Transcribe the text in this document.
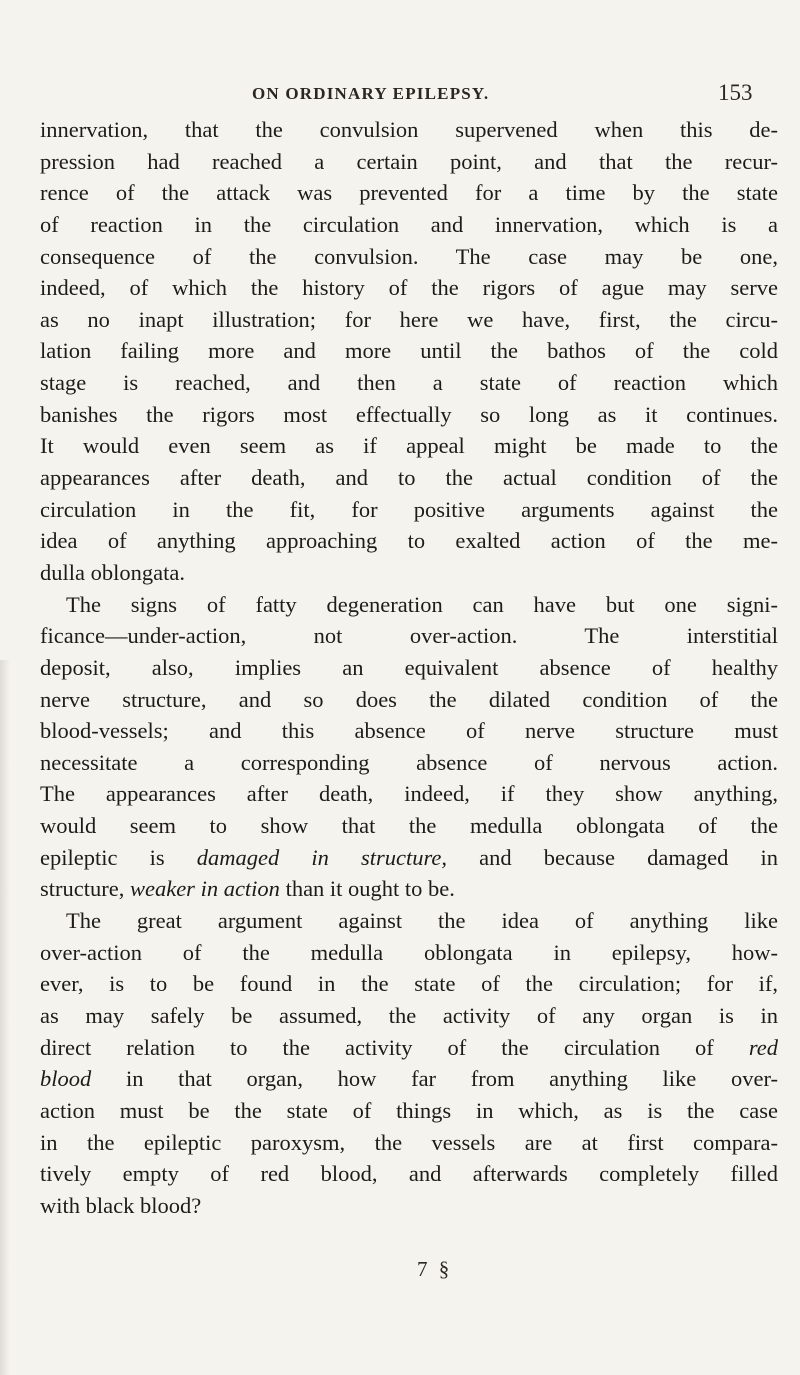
ON ORDINARY EPILEPSY.	153
innervation, that the convulsion supervened when this de-
pression had reached a certain point, and that the recur-
rence of the attack was prevented for a time by the state
of reaction in the circulation and innervation, which is a
consequence of the convulsion. The case may be one,
indeed, of which the history of the rigors of ague may serve
as no inapt illustration; for here we have, first, the circu-
lation failing more and more until the bathos of the cold
stage is reached, and then a state of reaction which
banishes the rigors most effectually so long as it continues.
It would even seem as if appeal might be made to the
appearances after death, and to the actual condition of the
circulation in the fit, for positive arguments against the
idea of anything approaching to exalted action of the me-
dulla oblongata.
The signs of fatty degeneration can have but one signi-
ficance—under-action, not over-action. The interstitial
deposit, also, implies an equivalent absence of healthy
nerve structure, and so does the dilated condition of the
blood-vessels; and this absence of nerve structure must
necessitate a corresponding absence of nervous action.
The appearances after death, indeed, if they show anything,
would seem to show that the medulla oblongata of the
epileptic is damaged in structure, and because damaged in
structure, weaker in action than it ought to be.
The great argument against the idea of anything like
over-action of the medulla oblongata in epilepsy, how-
ever, is to be found in the state of the circulation; for if,
as may safely be assumed, the activity of any organ is in
direct relation to the activity of the circulation of red
blood in that organ, how far from anything like over-
action must be the state of things in which, as is the case
in the epileptic paroxysm, the vessels are at first compara-
tively empty of red blood, and afterwards completely filled
with black blood?
7 §
